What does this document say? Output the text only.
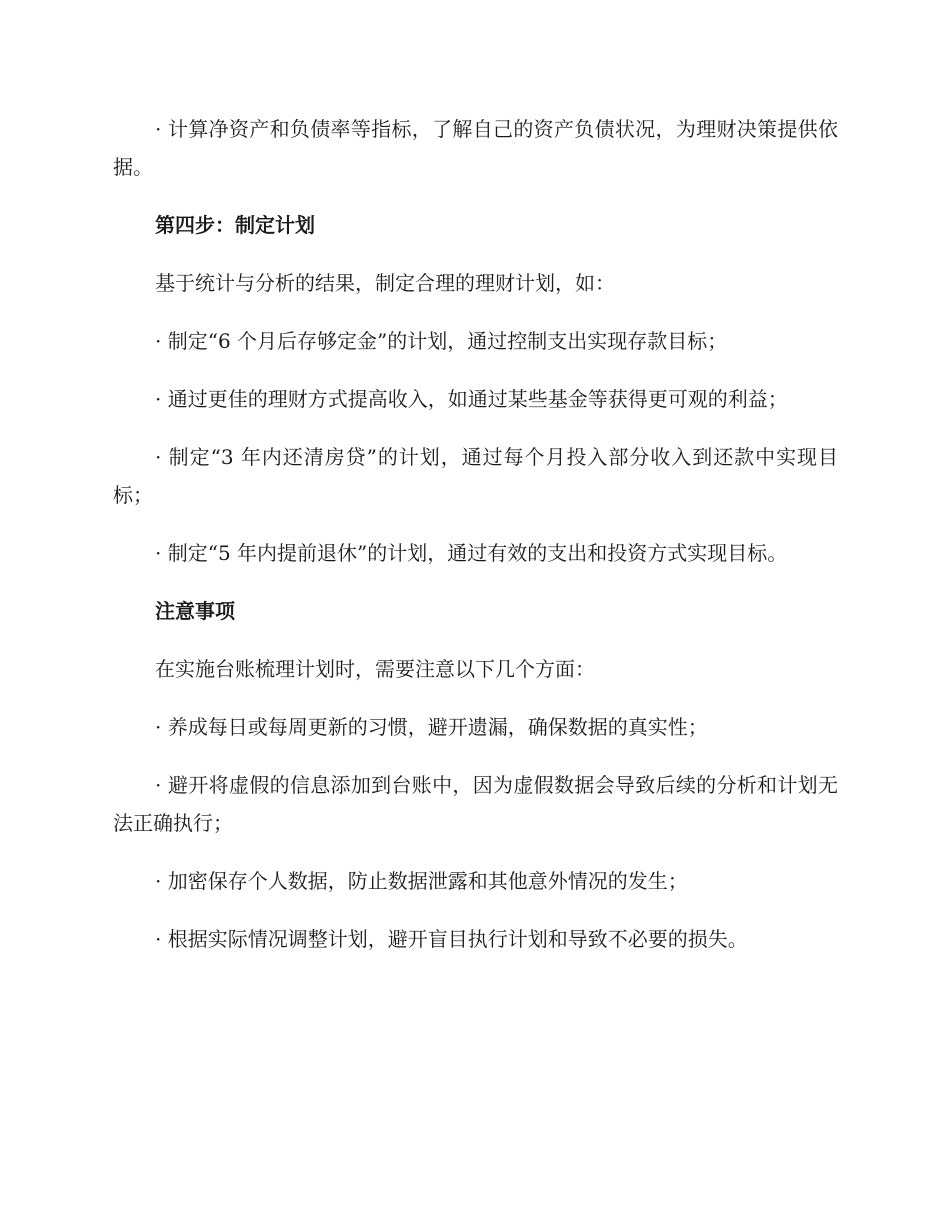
· 计算净资产和负债率等指标，了解自己的资产负债状况，为理财决策提供依据。

第四步：制定计划

基于统计与分析的结果，制定合理的理财计划，如：

· 制定“6 个月后存够定金”的计划，通过控制支出实现存款目标；

· 通过更佳的理财方式提高收入，如通过某些基金等获得更可观的利益；

· 制定“3 年内还清房贷”的计划，通过每个月投入部分收入到还款中实现目标；

· 制定“5 年内提前退休”的计划，通过有效的支出和投资方式实现目标。

注意事项

在实施台账梳理计划时，需要注意以下几个方面：

· 养成每日或每周更新的习惯，避开遗漏，确保数据的真实性；

· 避开将虚假的信息添加到台账中，因为虚假数据会导致后续的分析和计划无法正确执行；

· 加密保存个人数据，防止数据泄露和其他意外情况的发生；

· 根据实际情况调整计划，避开盲目执行计划和导致不必要的损失。
